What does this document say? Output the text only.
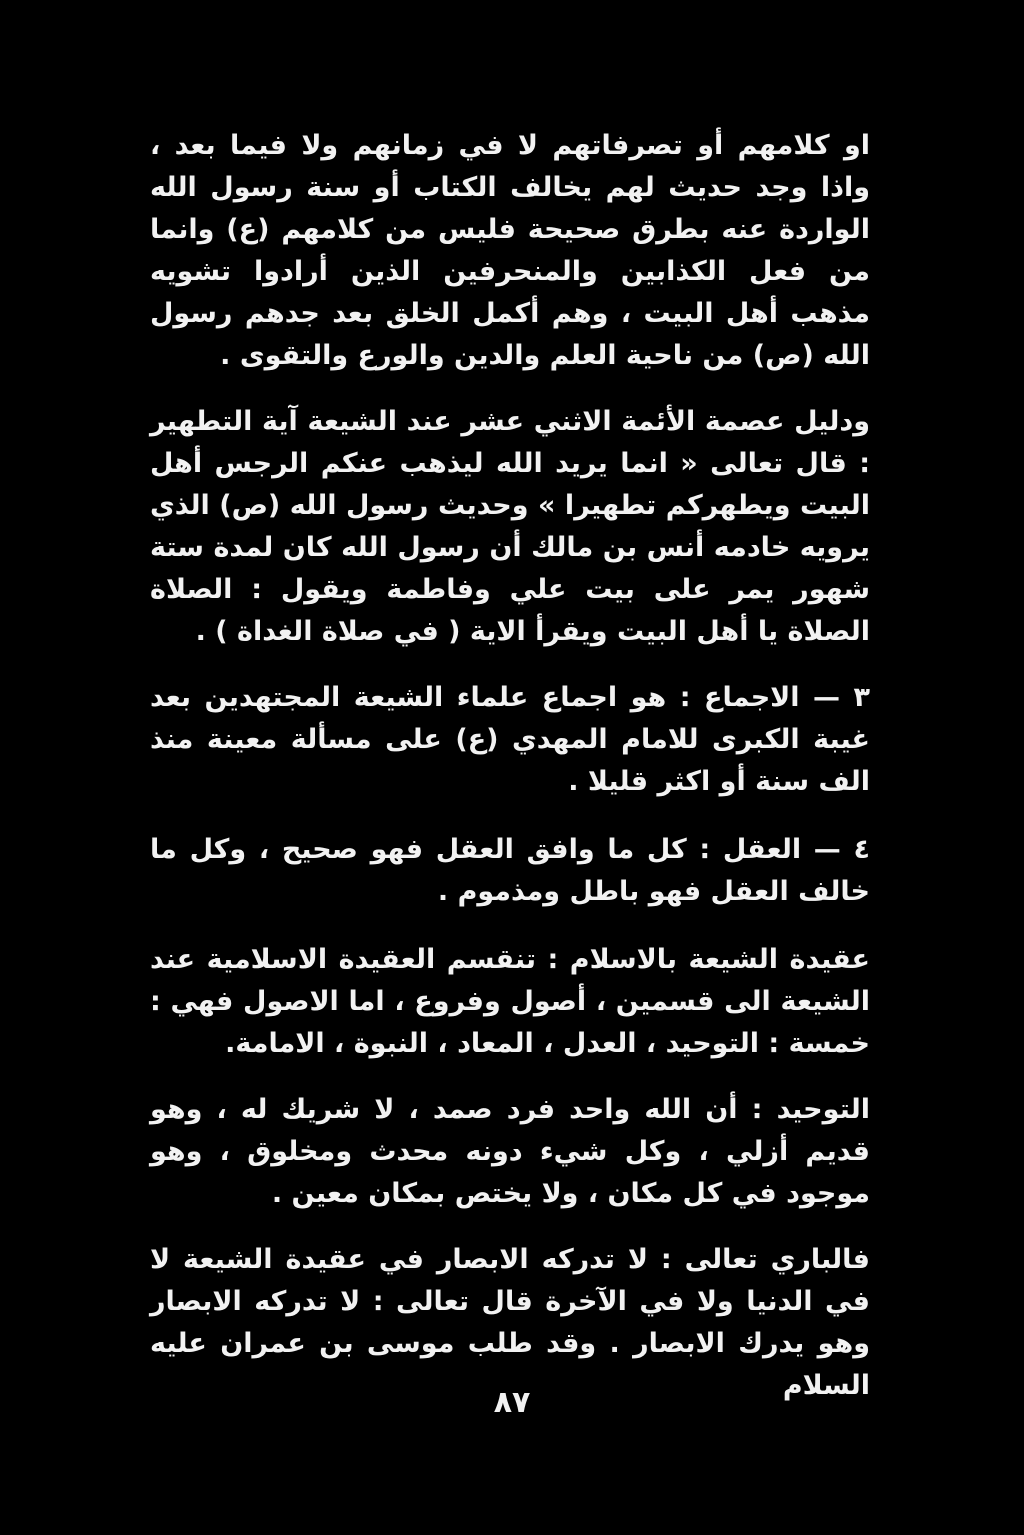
او كلامهم أو تصرفاتهم لا في زمانهم ولا فيما بعد ، واذا وجد حديث لهم يخالف الكتاب أو سنة رسول الله الواردة عنه بطرق صحيحة فليس من كلامهم (ع) وانما من فعل الكذابين والمنحرفين الذين أرادوا تشويه مذهب أهل البيت ، وهم أكمل الخلق بعد جدهم رسول الله (ص) من ناحية العلم والدين والورع والتقوى .

ودليل عصمة الأئمة الاثني عشر عند الشيعة آية التطهير : قال تعالى « انما يريد الله ليذهب عنكم الرجس أهل البيت ويطهركم تطهيرا » وحديث رسول الله (ص) الذي يرويه خادمه أنس بن مالك أن رسول الله كان لمدة ستة شهور يمر على بيت علي وفاطمة ويقول : الصلاة الصلاة يا أهل البيت ويقرأ الاية ( في صلاة الغداة ) .

٣ — الاجماع : هو اجماع علماء الشيعة المجتهدين بعد غيبة الكبرى للامام المهدي (ع) على مسألة معينة منذ الف سنة أو اكثر قليلا .

٤ — العقل : كل ما وافق العقل فهو صحيح ، وكل ما خالف العقل فهو باطل ومذموم .

عقيدة الشيعة بالاسلام : تنقسم العقيدة الاسلامية عند الشيعة الى قسمين ، أصول وفروع ، اما الاصول فهي : خمسة : التوحيد ، العدل ، المعاد ، النبوة ، الامامة.

التوحيد : أن الله واحد فرد صمد ، لا شريك له ، وهو قديم أزلي ، وكل شيء دونه محدث ومخلوق ، وهو موجود في كل مكان ، ولا يختص بمكان معين .

فالباري تعالى : لا تدركه الابصار في عقيدة الشيعة لا في الدنيا ولا في الآخرة قال تعالى : لا تدركه الابصار وهو يدرك الابصار . وقد طلب موسى بن عمران عليه السلام

٨٧
